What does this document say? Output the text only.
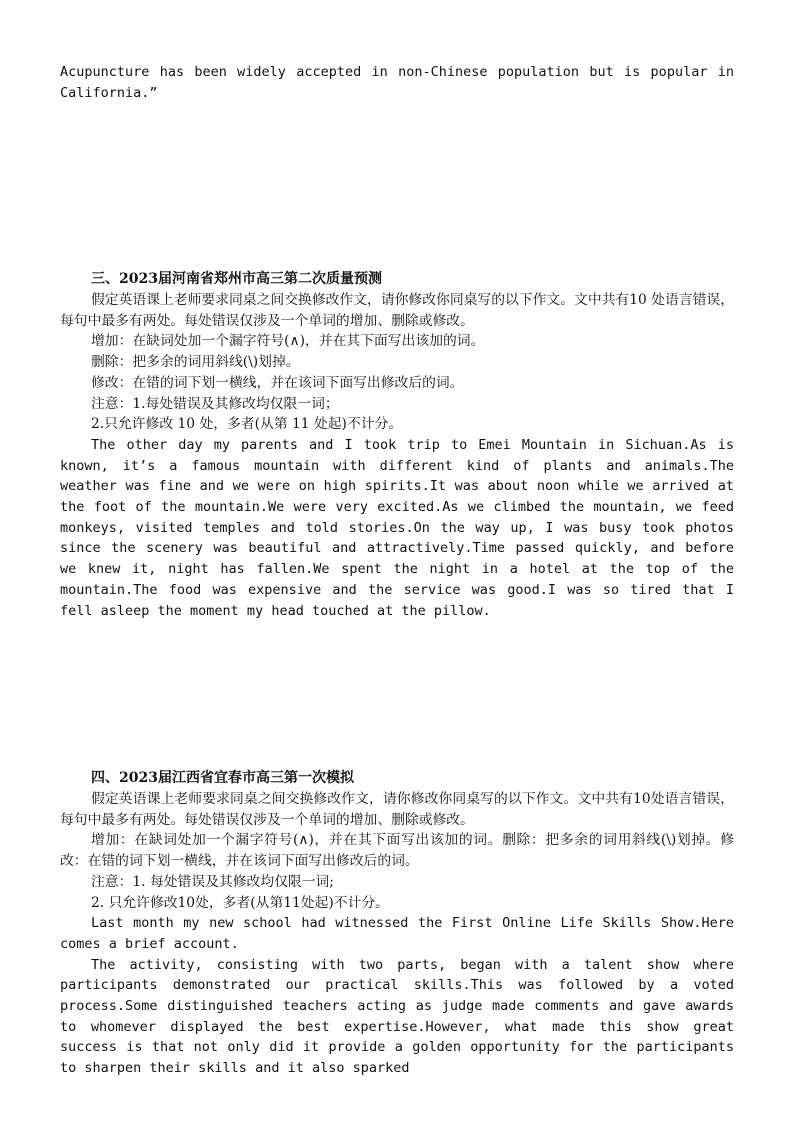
Acupuncture has been widely accepted in non-Chinese population but is popular in California.”

三、2023届河南省郑州市高三第二次质量预测

假定英语课上老师要求同桌之间交换修改作文，请你修改你同桌写的以下作文。文中共有10 处语言错误，每句中最多有两处。每处错误仅涉及一个单词的增加、删除或修改。

增加：在缺词处加一个漏字符号(∧)，并在其下面写出该加的词。

删除：把多余的词用斜线(\)划掉。

修改：在错的词下划一横线，并在该词下面写出修改后的词。

注意：1.每处错误及其修改均仅限一词；

2.只允许修改 10 处，多者(从第 11 处起)不计分。

The other day my parents and I took trip to Emei Mountain in Sichuan.As is known, it’s a famous mountain with different kind of plants and animals.The weather was fine and we were on high spirits.It was about noon while we arrived at the foot of the mountain.We were very excited.As we climbed the mountain, we feed monkeys, visited temples and told stories.On the way up, I was busy took photos since the scenery was beautiful and attractively.Time passed quickly, and before we knew it, night has fallen.We spent the night in a hotel at the top of the mountain.The food was expensive and the service was good.I was so tired that I fell asleep the moment my head touched at the pillow.

四、2023届江西省宜春市高三第一次模拟

假定英语课上老师要求同桌之间交换修改作文，请你修改你同桌写的以下作文。文中共有10处语言错误，每句中最多有两处。每处错误仅涉及一个单词的增加、删除或修改。

增加：在缺词处加一个漏字符号(∧)，并在其下面写出该加的词。删除：把多余的词用斜线(\)划掉。修改：在错的词下划一横线，并在该词下面写出修改后的词。

注意：1. 每处错误及其修改均仅限一词;

2. 只允许修改10处，多者(从第11处起)不计分。

Last month my new school had witnessed the First Online Life Skills Show.Here comes a brief account.

The activity, consisting with two parts, began with a talent show where participants demonstrated our practical skills.This was followed by a voted process.Some distinguished teachers acting as judge made comments and gave awards to whomever displayed the best expertise.However, what made this show great success is that not only did it provide a golden opportunity for the participants to sharpen their skills and it also sparked
